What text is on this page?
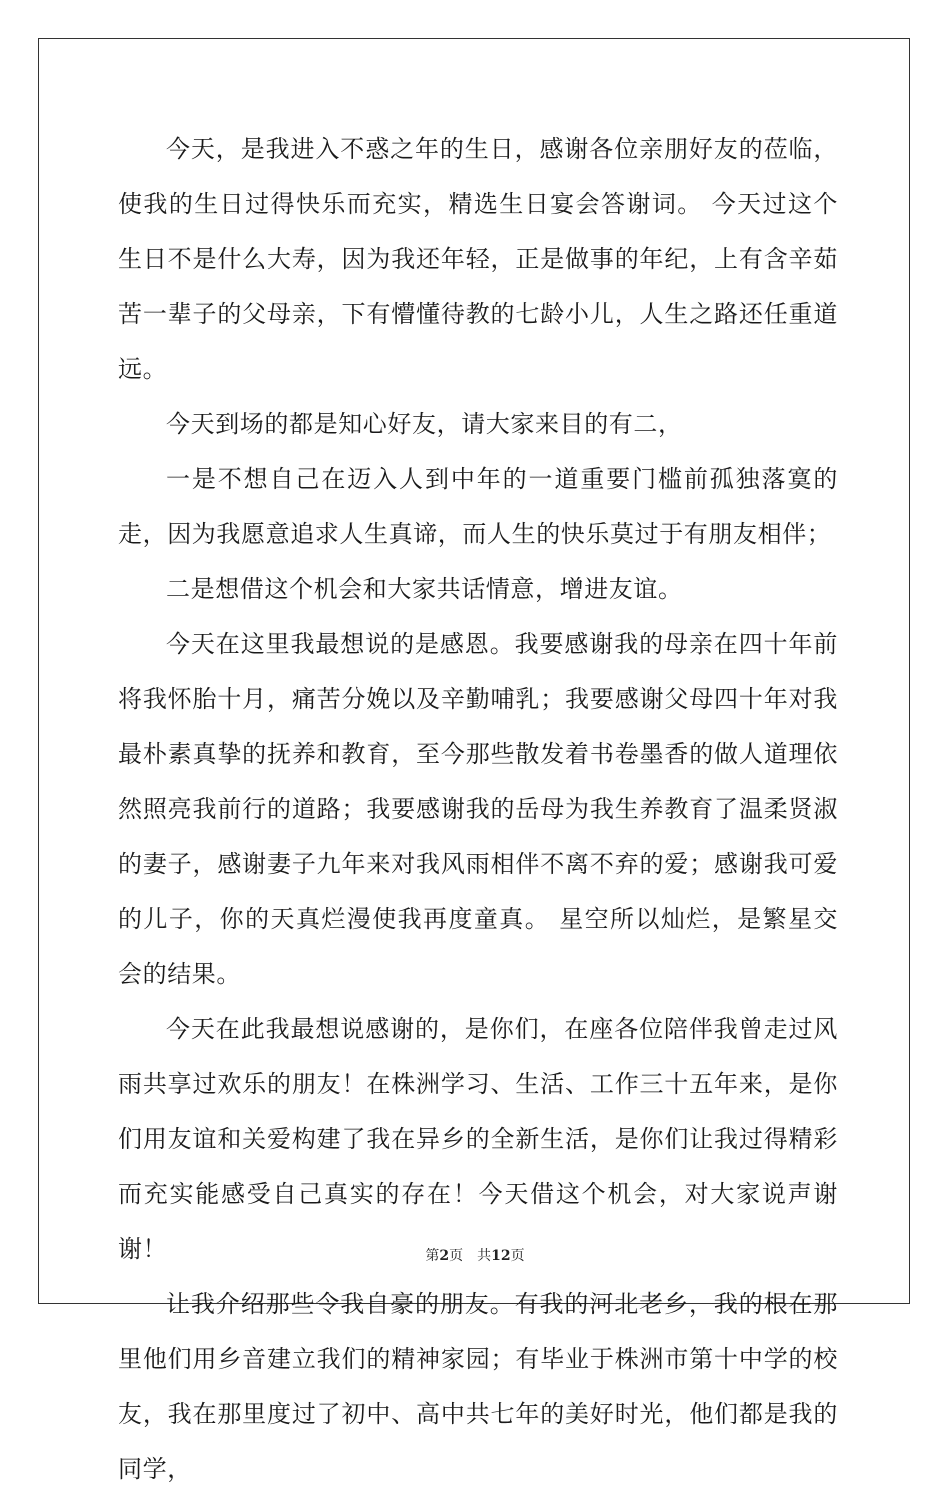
今天，是我进入不惑之年的生日，感谢各位亲朋好友的莅临，使我的生日过得快乐而充实，精选生日宴会答谢词。 今天过这个生日不是什么大寿，因为我还年轻，正是做事的年纪，上有含辛茹苦一辈子的父母亲，下有懵懂待教的七龄小儿，人生之路还任重道远。

今天到场的都是知心好友，请大家来目的有二，

一是不想自己在迈入人到中年的一道重要门槛前孤独落寞的走，因为我愿意追求人生真谛，而人生的快乐莫过于有朋友相伴；

二是想借这个机会和大家共话情意，增进友谊。

今天在这里我最想说的是感恩。我要感谢我的母亲在四十年前将我怀胎十月，痛苦分娩以及辛勤哺乳；我要感谢父母四十年对我最朴素真挚的抚养和教育，至今那些散发着书卷墨香的做人道理依然照亮我前行的道路；我要感谢我的岳母为我生养教育了温柔贤淑的妻子，感谢妻子九年来对我风雨相伴不离不弃的爱；感谢我可爱的儿子，你的天真烂漫使我再度童真。 星空所以灿烂，是繁星交会的结果。

今天在此我最想说感谢的，是你们，在座各位陪伴我曾走过风雨共享过欢乐的朋友！在株洲学习、生活、工作三十五年来，是你们用友谊和关爱构建了我在异乡的全新生活，是你们让我过得精彩而充实能感受自己真实的存在！今天借这个机会，对大家说声谢谢！

让我介绍那些令我自豪的朋友。有我的河北老乡，我的根在那里他们用乡音建立我们的精神家园；有毕业于株洲市第十中学的校友，我在那里度过了初中、高中共七年的美好时光，他们都是我的同学，

第2页 共12页
